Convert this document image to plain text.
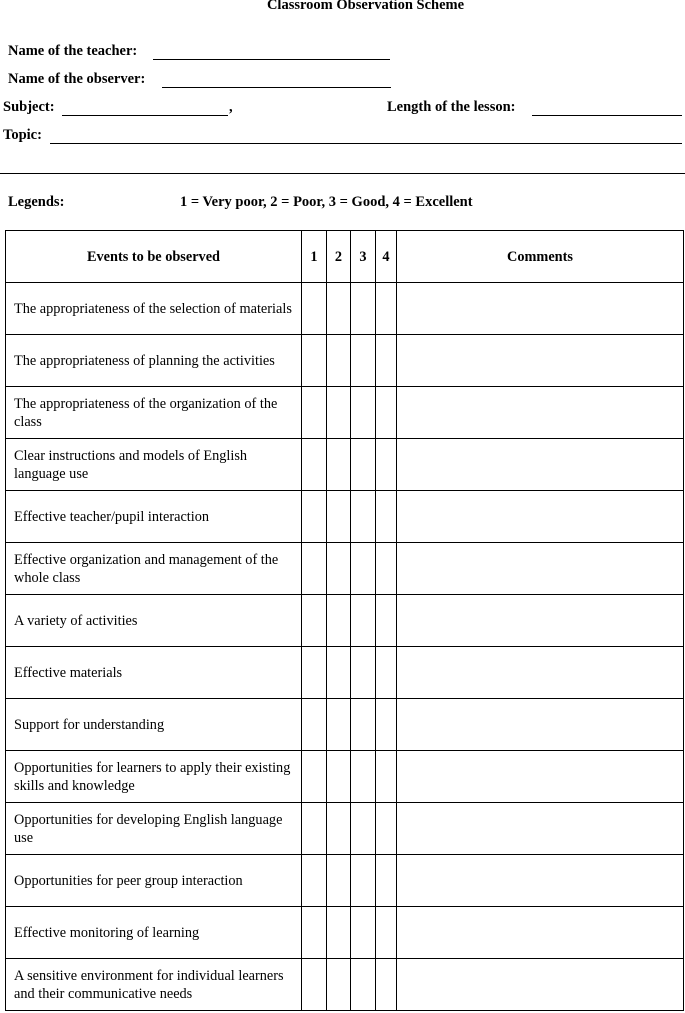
Classroom Observation Scheme
Name of the teacher:
Name of the observer:
Subject:	,	Length of the lesson:
Topic:
Legends:	1 = Very poor, 2 = Poor, 3 = Good, 4 = Excellent
Events to be observed	1	2	3	4	Comments
The appropriateness of the selection of materials					
The appropriateness of planning the activities					
The appropriateness of the organization of the class					
Clear instructions and models of English language use					
Effective teacher/pupil interaction					
Effective organization and management of the whole class					
A variety of activities					
Effective materials					
Support for understanding					
Opportunities for learners to apply their existing skills and knowledge					
Opportunities for developing English language use					
Opportunities for peer group interaction					
Effective monitoring of learning					
A sensitive environment for individual learners and their communicative needs					
